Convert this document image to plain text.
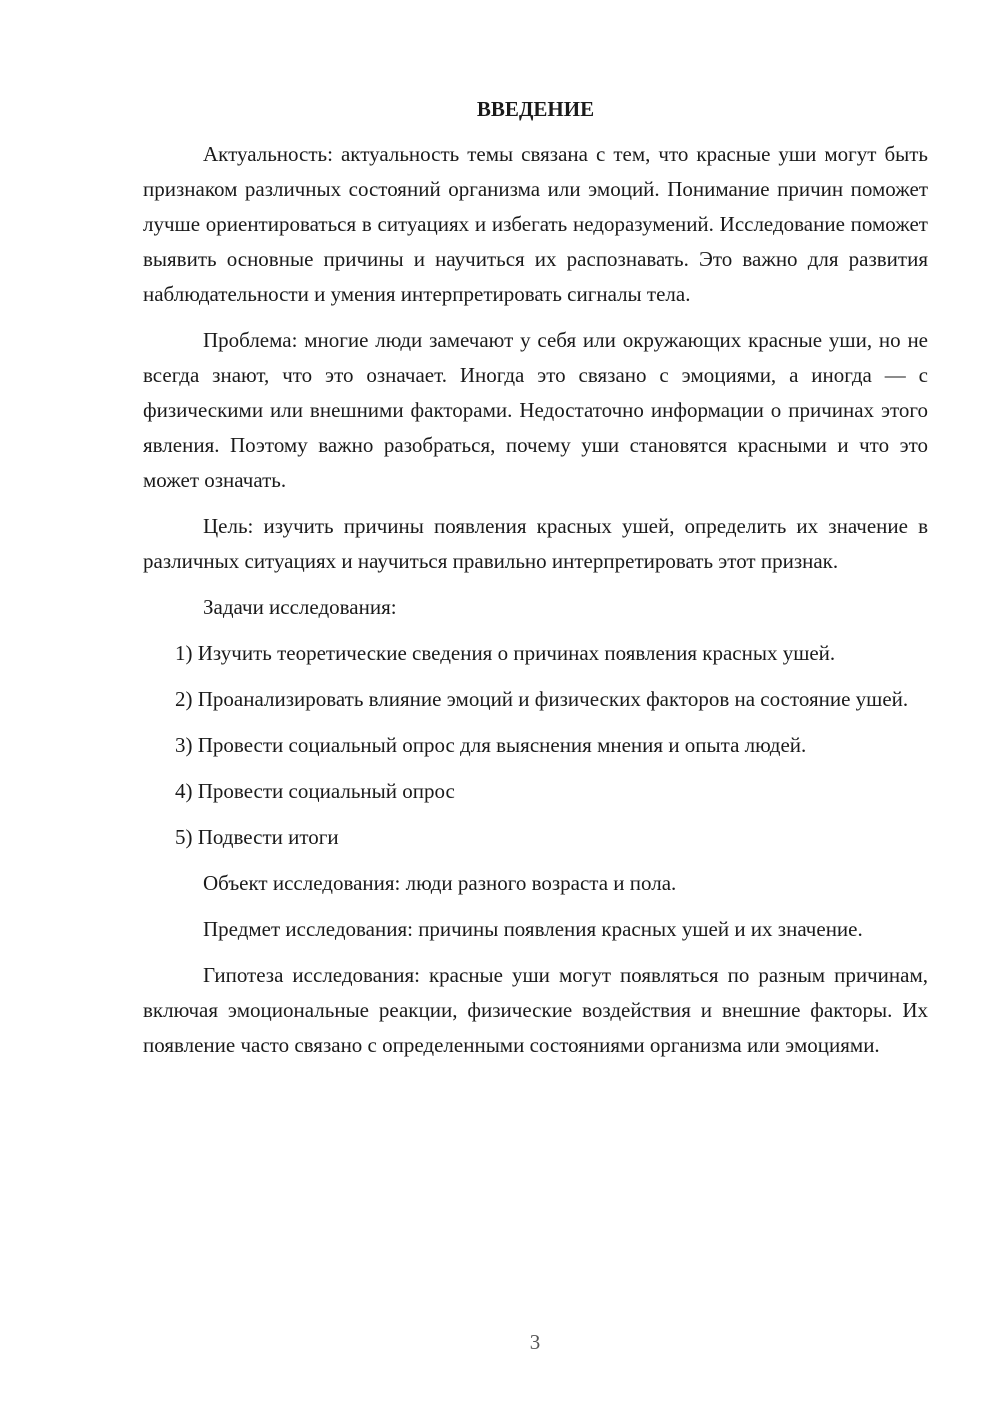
ВВЕДЕНИЕ

Актуальность: актуальность темы связана с тем, что красные уши могут быть признаком различных состояний организма или эмоций. Понимание причин поможет лучше ориентироваться в ситуациях и избегать недоразумений. Исследование поможет выявить основные причины и научиться их распознавать. Это важно для развития наблюдательности и умения интерпретировать сигналы тела.

Проблема: многие люди замечают у себя или окружающих красные уши, но не всегда знают, что это означает. Иногда это связано с эмоциями, а иногда — с физическими или внешними факторами. Недостаточно информации о причинах этого явления. Поэтому важно разобраться, почему уши становятся красными и что это может означать.

Цель: изучить причины появления красных ушей, определить их значение в различных ситуациях и научиться правильно интерпретировать этот признак.

Задачи исследования:

1) Изучить теоретические сведения о причинах появления красных ушей.

2) Проанализировать влияние эмоций и физических факторов на состояние ушей.

3) Провести социальный опрос для выяснения мнения и опыта людей.

4) Провести социальный опрос

5) Подвести итоги

Объект исследования: люди разного возраста и пола.

Предмет исследования: причины появления красных ушей и их значение.

Гипотеза исследования: красные уши могут появляться по разным причинам, включая эмоциональные реакции, физические воздействия и внешние факторы. Их появление часто связано с определенными состояниями организма или эмоциями.

3
